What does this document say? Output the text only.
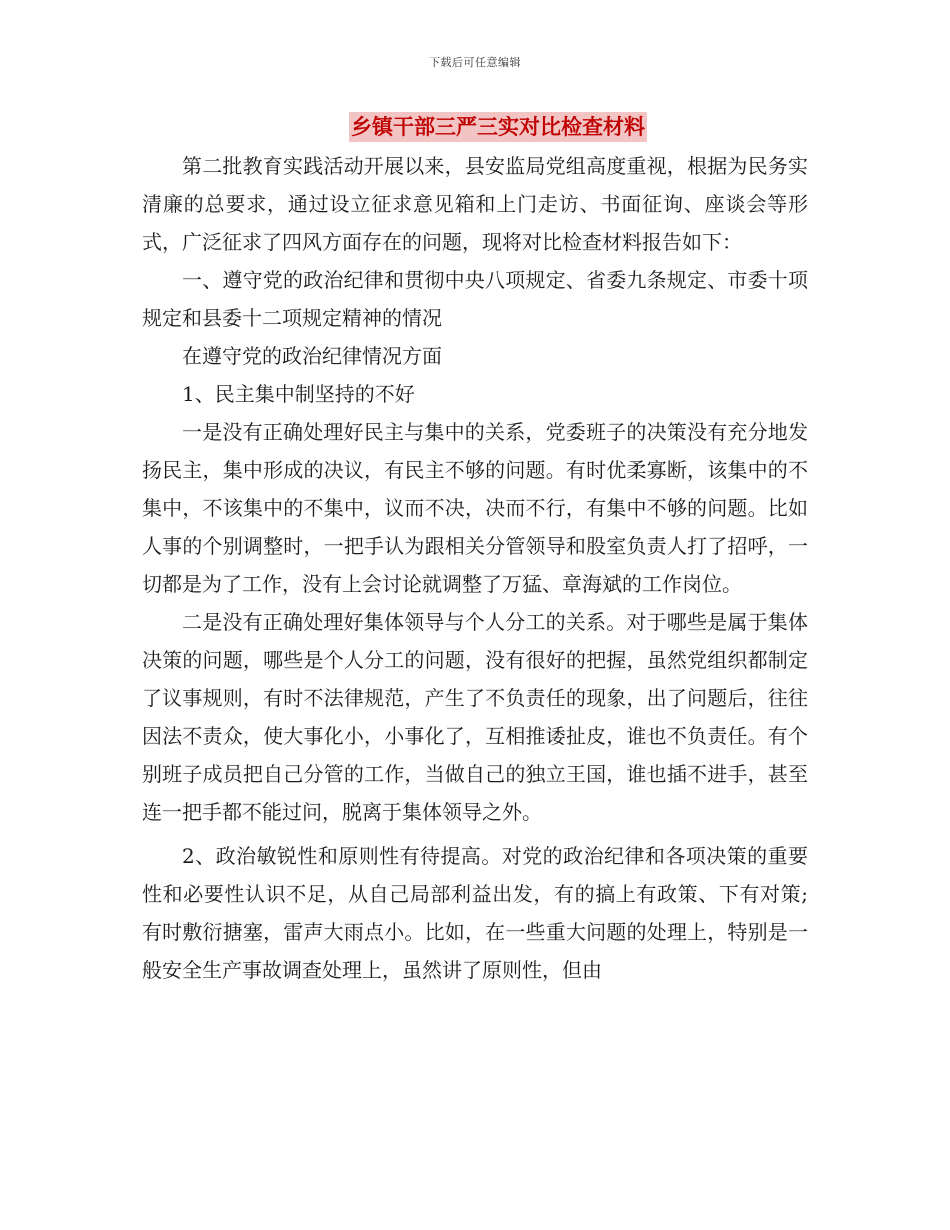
下载后可任意编辑
乡镇干部三严三实对比检查材料

第二批教育实践活动开展以来，县安监局党组高度重视，根据为民务实清廉的总要求，通过设立征求意见箱和上门走访、书面征询、座谈会等形式，广泛征求了四风方面存在的问题，现将对比检查材料报告如下：

一、遵守党的政治纪律和贯彻中央八项规定、省委九条规定、市委十项规定和县委十二项规定精神的情况

在遵守党的政治纪律情况方面

1、民主集中制坚持的不好

一是没有正确处理好民主与集中的关系，党委班子的决策没有充分地发扬民主，集中形成的决议，有民主不够的问题。有时优柔寡断，该集中的不集中，不该集中的不集中，议而不决，决而不行，有集中不够的问题。比如人事的个别调整时，一把手认为跟相关分管领导和股室负责人打了招呼，一切都是为了工作，没有上会讨论就调整了万猛、章海斌的工作岗位。

二是没有正确处理好集体领导与个人分工的关系。对于哪些是属于集体决策的问题，哪些是个人分工的问题，没有很好的把握，虽然党组织都制定了议事规则，有时不法律规范，产生了不负责任的现象，出了问题后，往往因法不责众，使大事化小，小事化了，互相推诿扯皮，谁也不负责任。有个别班子成员把自己分管的工作，当做自己的独立王国，谁也插不进手，甚至连一把手都不能过问，脱离于集体领导之外。

2、政治敏锐性和原则性有待提高。对党的政治纪律和各项决策的重要性和必要性认识不足，从自己局部利益出发，有的搞上有政策、下有对策;有时敷衍搪塞，雷声大雨点小。比如，在一些重大问题的处理上，特别是一般安全生产事故调查处理上，虽然讲了原则性，但由
